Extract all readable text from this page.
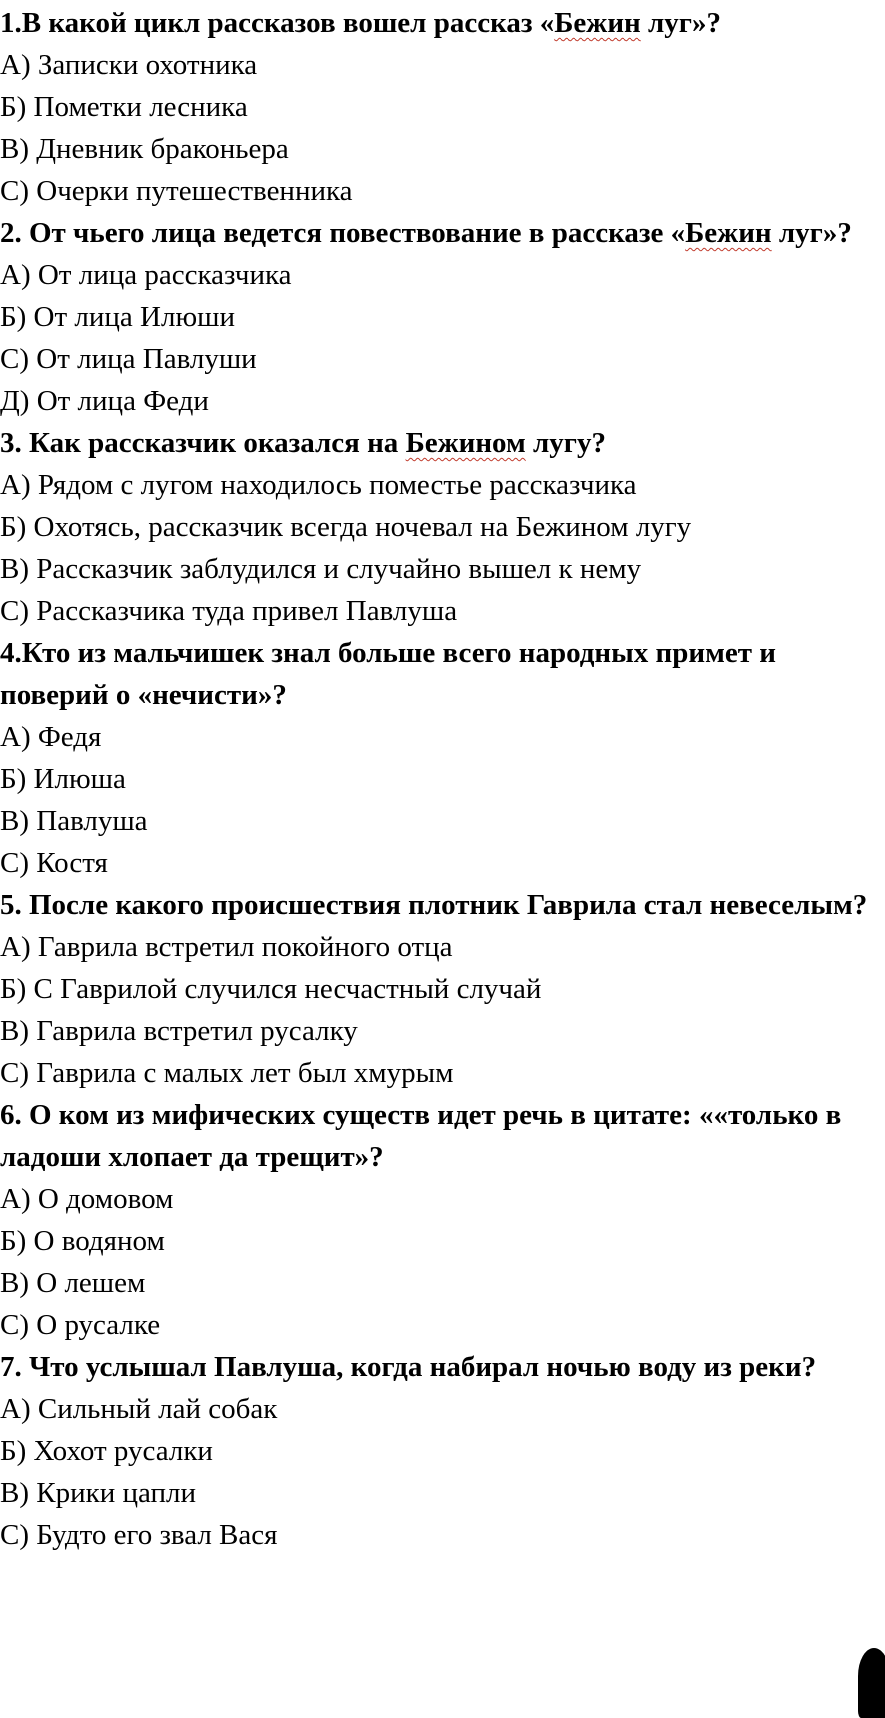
1.В какой цикл рассказов вошел рассказ «Бежин луг»?
А) Записки охотника
Б) Пометки лесника
В) Дневник браконьера
С) Очерки путешественника
2. От чьего лица ведется повествование в рассказе «Бежин луг»?
А) От лица рассказчика
Б) От лица Илюши
С) От лица Павлуши
Д) От лица Феди
3. Как рассказчик оказался на Бежином лугу?
А) Рядом с лугом находилось поместье рассказчика
Б) Охотясь, рассказчик всегда ночевал на Бежином лугу
В) Рассказчик заблудился и случайно вышел к нему
С) Рассказчика туда привел Павлуша
4.Кто из мальчишек знал больше всего народных примет и поверий о «нечисти»?
А) Федя
Б) Илюша
В) Павлуша
С) Костя
5. После какого происшествия плотник Гаврила стал невеселым?
А) Гаврила встретил покойного отца
Б) С Гаврилой случился несчастный случай
В) Гаврила встретил русалку
С) Гаврила с малых лет был хмурым
6. О ком из мифических существ идет речь в цитате: ««только в ладоши хлопает да трещит»?
А) О домовом
Б) О водяном
В) О лешем
С) О русалке
7. Что услышал Павлуша, когда набирал ночью воду из реки?
А) Сильный лай собак
Б) Хохот русалки
В) Крики цапли
С) Будто его звал Вася
